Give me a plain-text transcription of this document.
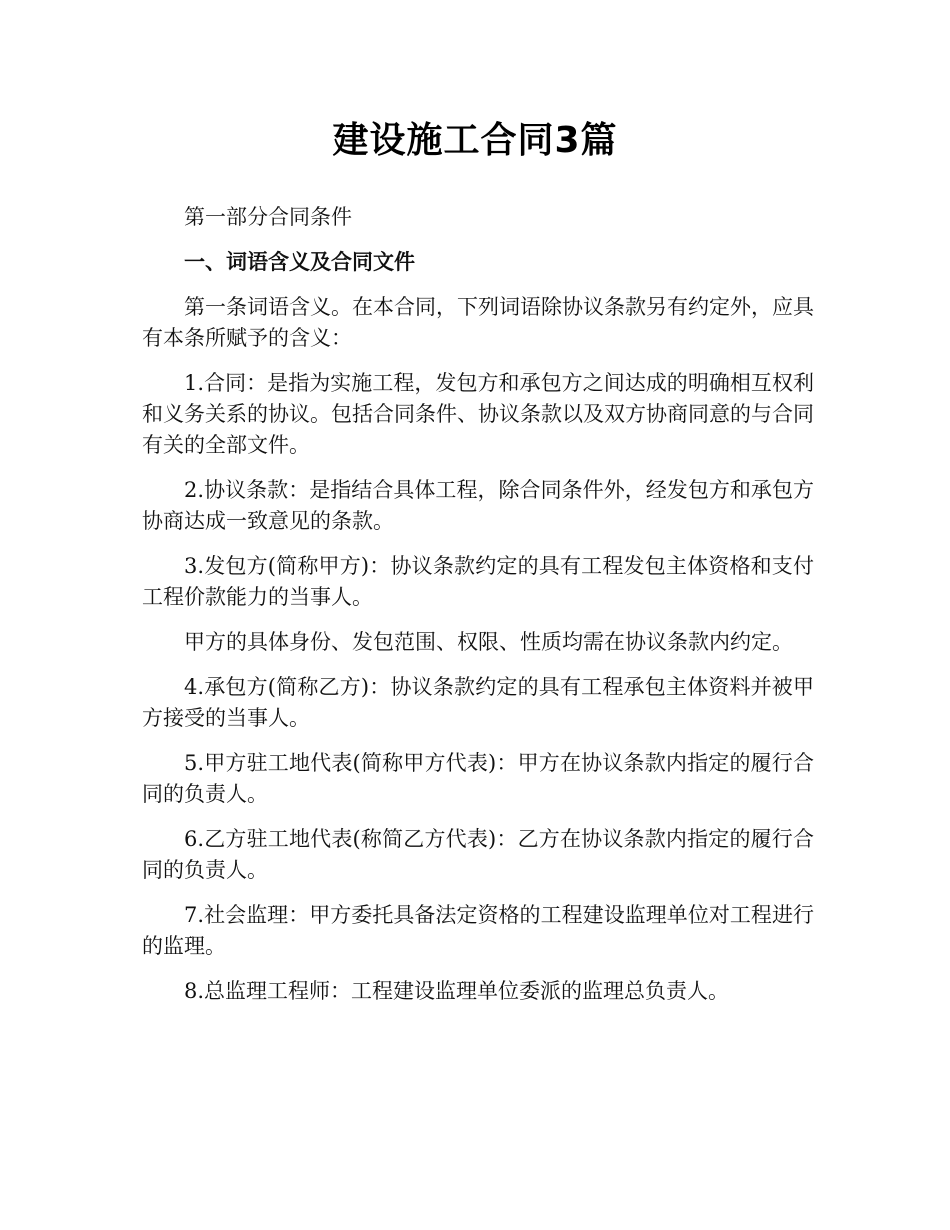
建设施工合同3篇

第一部分合同条件

一、词语含义及合同文件

第一条词语含义。在本合同，下列词语除协议条款另有约定外，应具有本条所赋予的含义：

1.合同：是指为实施工程，发包方和承包方之间达成的明确相互权利和义务关系的协议。包括合同条件、协议条款以及双方协商同意的与合同有关的全部文件。

2.协议条款：是指结合具体工程，除合同条件外，经发包方和承包方协商达成一致意见的条款。

3.发包方(简称甲方)：协议条款约定的具有工程发包主体资格和支付工程价款能力的当事人。

甲方的具体身份、发包范围、权限、性质均需在协议条款内约定。

4.承包方(简称乙方)：协议条款约定的具有工程承包主体资料并被甲方接受的当事人。

5.甲方驻工地代表(简称甲方代表)：甲方在协议条款内指定的履行合同的负责人。

6.乙方驻工地代表(称简乙方代表)：乙方在协议条款内指定的履行合同的负责人。

7.社会监理：甲方委托具备法定资格的工程建设监理单位对工程进行的监理。

8.总监理工程师：工程建设监理单位委派的监理总负责人。
